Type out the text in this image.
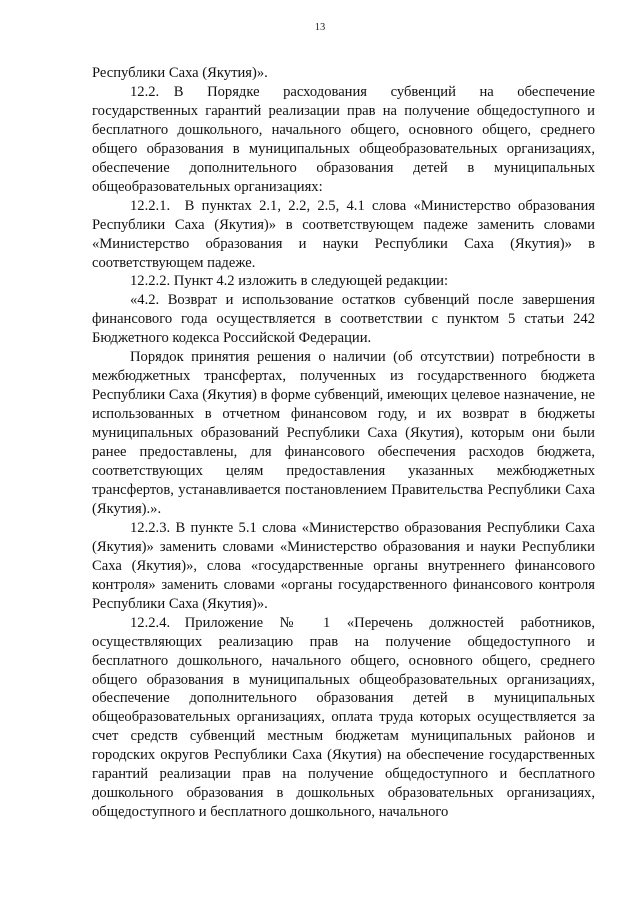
13

Республики Саха (Якутия)».

12.2. В Порядке расходования субвенций на обеспечение государственных гарантий реализации прав на получение общедоступного и бесплатного дошкольного, начального общего, основного общего, среднего общего образования в муниципальных общеобразовательных организациях, обеспечение дополнительного образования детей в муниципальных общеобразовательных организациях:

12.2.1.  В пунктах 2.1, 2.2, 2.5, 4.1 слова «Министерство образования Республики Саха (Якутия)» в соответствующем падеже заменить словами «Министерство образования и науки Республики Саха (Якутия)» в соответствующем падеже.

12.2.2. Пункт 4.2 изложить в следующей редакции:

«4.2. Возврат и использование остатков субвенций после завершения финансового года осуществляется в соответствии с пунктом 5 статьи 242 Бюджетного кодекса Российской Федерации.

Порядок принятия решения о наличии (об отсутствии) потребности в межбюджетных трансфертах, полученных из государственного бюджета Республики Саха (Якутия) в форме субвенций, имеющих целевое назначение, не использованных в отчетном финансовом году, и их возврат в бюджеты муниципальных образований Республики Саха (Якутия), которым они были ранее предоставлены, для финансового обеспечения расходов бюджета, соответствующих целям предоставления указанных межбюджетных трансфертов, устанавливается постановлением Правительства Республики Саха (Якутия).».

12.2.3. В пункте 5.1 слова «Министерство образования Республики Саха (Якутия)» заменить словами «Министерство образования и науки Республики Саха (Якутия)», слова «государственные органы внутреннего финансового контроля» заменить словами «органы государственного финансового контроля Республики Саха (Якутия)».

12.2.4. Приложение № 1 «Перечень должностей работников, осуществляющих реализацию прав на получение общедоступного и бесплатного дошкольного, начального общего, основного общего, среднего общего образования в муниципальных общеобразовательных организациях, обеспечение дополнительного образования детей в муниципальных общеобразовательных организациях, оплата труда которых осуществляется за счет средств субвенций местным бюджетам муниципальных районов и городских округов Республики Саха (Якутия) на обеспечение государственных гарантий реализации прав на получение общедоступного и бесплатного дошкольного образования в дошкольных образовательных организациях, общедоступного и бесплатного дошкольного, начального
